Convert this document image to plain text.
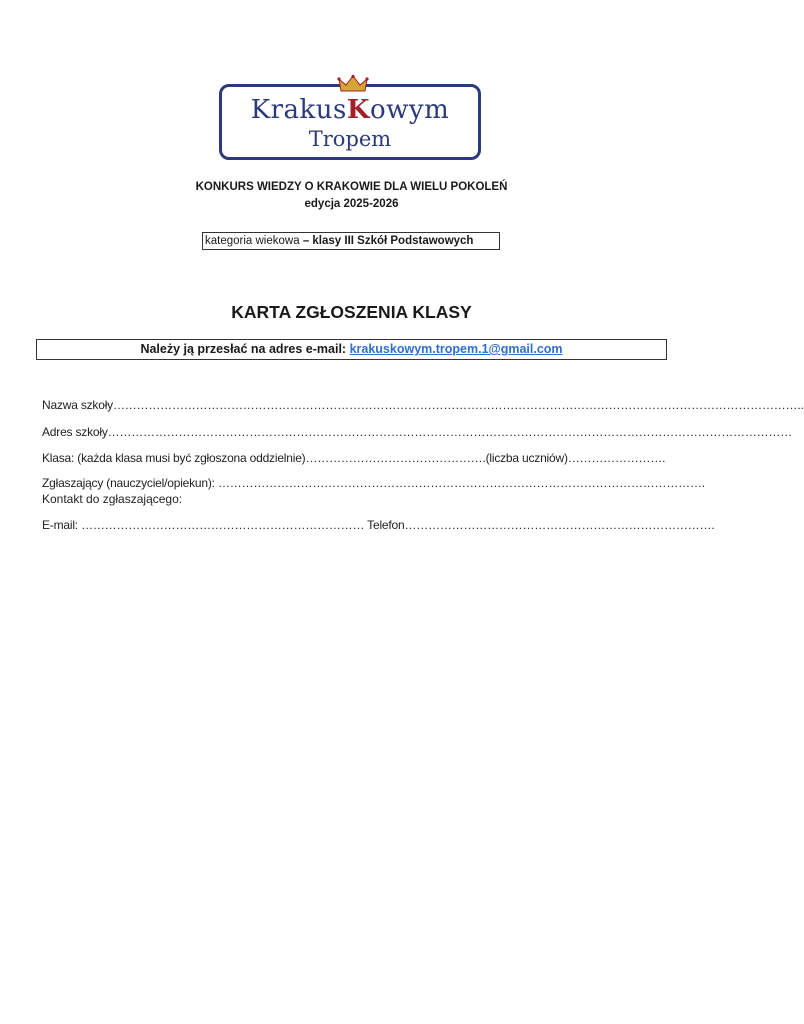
KrakusKowym
Tropem
KONKURS WIEDZY O KRAKOWIE DLA WIELU POKOLEŃ
edycja 2025-2026
kategoria wiekowa – klasy III Szkół Podstawowych
KARTA ZGŁOSZENIA KLASY
Należy ją przesłać na adres e-mail: krakuskowym.tropem.1@gmail.com
Nazwa szkoły…………………………………………………………………………………………………………………………………………………………..
Adres szkoły…………………………………………………………………………………………………………………………………………………………
Klasa: (każda klasa musi być zgłoszona oddzielnie)……………………………………….(liczba uczniów)…………………….
Zgłaszający (nauczyciel/opiekun): …………………………………………………………………………………………………………….
Kontakt do zgłaszającego:
E-mail: ……………………………………………………………… Telefon…………………………………………………………………….
